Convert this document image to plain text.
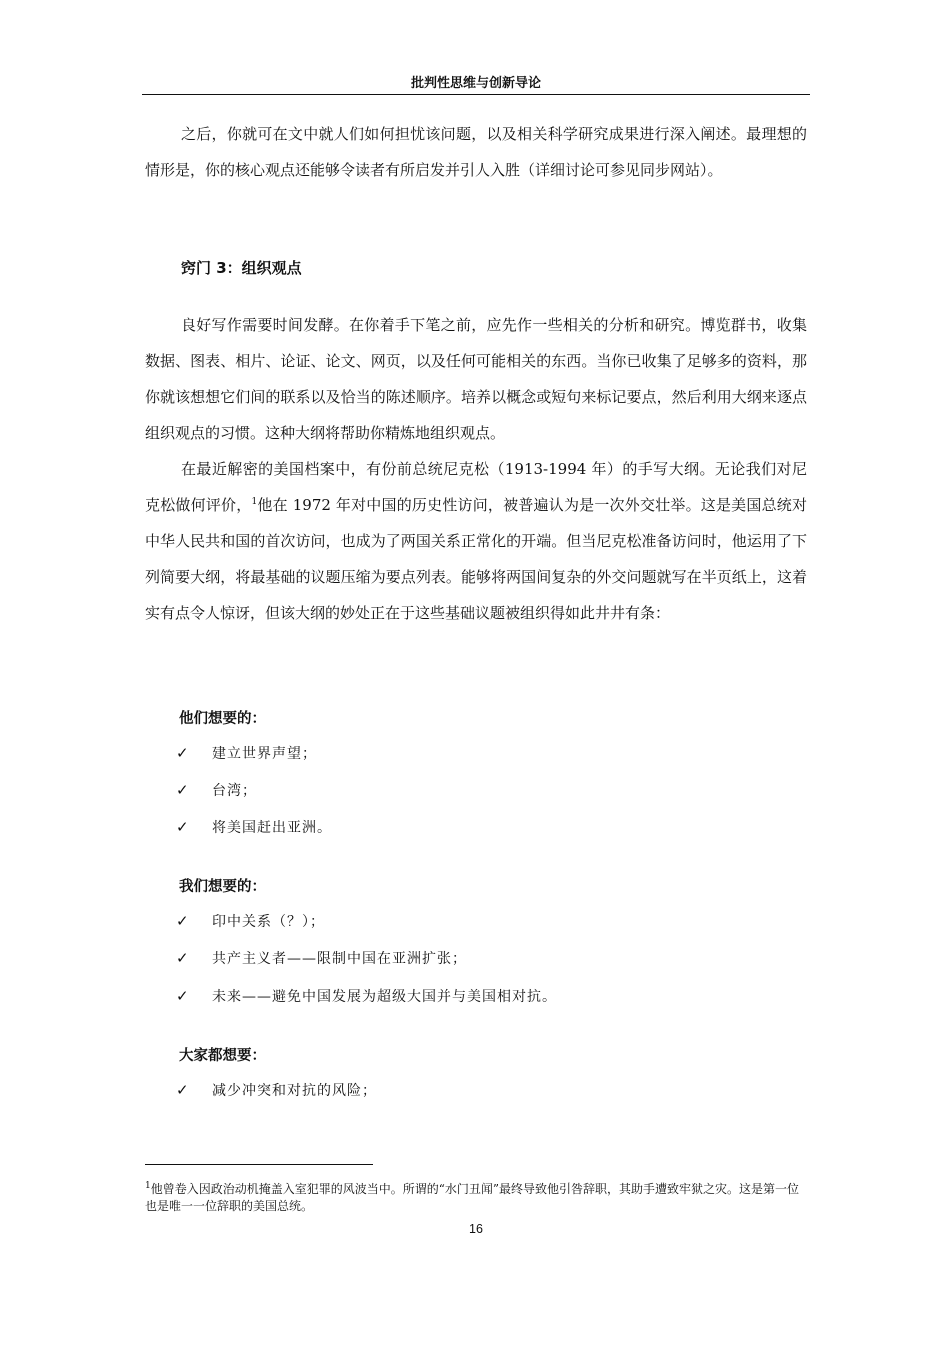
批判性思维与创新导论

之后，你就可在文中就人们如何担忧该问题，以及相关科学研究成果进行深入阐述。最理想的情形是，你的核心观点还能够令读者有所启发并引人入胜（详细讨论可参见同步网站）。

窍门 3：组织观点

良好写作需要时间发酵。在你着手下笔之前，应先作一些相关的分析和研究。博览群书，收集数据、图表、相片、论证、论文、网页，以及任何可能相关的东西。当你已收集了足够多的资料，那你就该想想它们间的联系以及恰当的陈述顺序。培养以概念或短句来标记要点，然后利用大纲来逐点组织观点的习惯。这种大纲将帮助你精炼地组织观点。

在最近解密的美国档案中，有份前总统尼克松（1913-1994 年）的手写大纲。无论我们对尼克松做何评价，$^1$他在 1972 年对中国的历史性访问，被普遍认为是一次外交壮举。这是美国总统对中华人民共和国的首次访问，也成为了两国关系正常化的开端。但当尼克松准备访问时，他运用了下列简要大纲，将最基础的议题压缩为要点列表。能够将两国间复杂的外交问题就写在半页纸上，这着实有点令人惊讶，但该大纲的妙处正在于这些基础议题被组织得如此井井有条：

他们想要的：
✓	建立世界声望；
✓	台湾；
✓	将美国赶出亚洲。
我们想要的：
✓	印中关系（？）；
✓	共产主义者——限制中国在亚洲扩张；
✓	未来——避免中国发展为超级大国并与美国相对抗。
大家都想要：
✓	减少冲突和对抗的风险；
$^1$他曾卷入因政治动机掩盖入室犯罪的风波当中。所谓的“水门丑闻”最终导致他引咎辞职，其助手遭致牢狱之灾。这是第一位也是唯一一位辞职的美国总统。
16
